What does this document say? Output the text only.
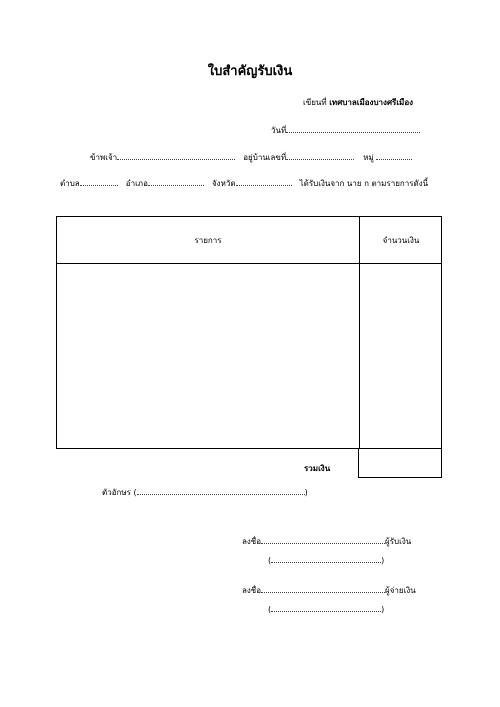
ใบสำคัญรับเงิน
เขียนที่ เทศบาลเมืองบางศรีเมือง
วันที่
ข้าพเจ้า	อยู่บ้านเลขที่	หมู่
ตำบล	อำเภอ	จังหวัด	ได้รับเงินจาก นาย ก ตามรายการดังนี้
รายการ	จำนวนเงิน
รวมเงิน
ตัวอักษร (	)
ลงชื่อ	ผู้รับเงิน
(	)
ลงชื่อ	ผู้จ่ายเงิน
(	)
